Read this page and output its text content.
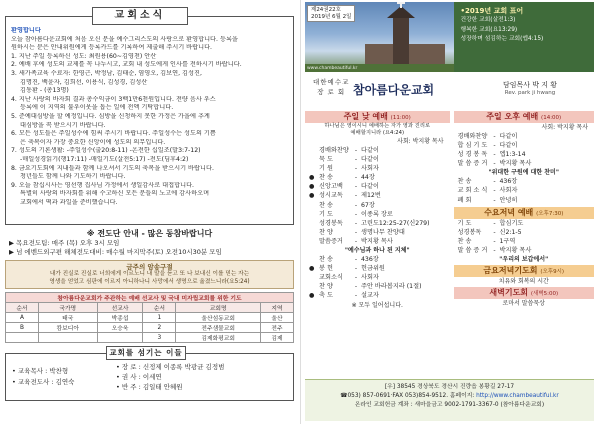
교회소식
환영합니다
오늘 참아름다운교회에 처음 오신 분을 예수그리스도의 사랑으로 환영합니다. 등록을
원하시는 분은 안내위원에게 등록카드를 기록하여 제출해 주시기 바랍니다.
1. 지난 주일 등록하신 성도: 최원용(60~김영천) 안산
2. 예배 후에 성도의 교제를 꼭 나누시고, 교회 내 성도에게 인사를 전하시기 바랍니다.
3. 새가족교육 수료자: 한영근, 박정남, 김태순, 염영오, 김보연, 김성진,
김명진, 백윤자, 김희선, 이용식, 김성경, 김성산
김동환 - (총13명)
4. 지난 사랑의 바자회 결과 총수익금이 3백1만6천원입니다. 전량 음사 우스
등록에 이 지역의 불우이웃을 돕는 일에 전액 기탁합니다.
5. 준예대심방을 할 예정입니다. 심방을 신청하지 못한 가정은 가을에 추계
대심방을 꼭 받으시기 바랍니다.
6. 모든 성도들은 주일성수에 힘써 주시기 바랍니다. 주일성수는 성도의 기쁨
은 축복이자 가장 중요한 신앙이에 성도의 의무입니다.
7. 성도의 기론생활: -주일성수(출20:8-11) -온전한 십일조(말3:7-12)
-매일성경읽기(행17:11) -매일기도(살전5:17) -전도(딤후4:2)
8. 금요기도회에 지내들과 함께 나오셔서 기도의 축복을 받으시기 바랍니다.
청년들도 함께 나와 기도하기 바랍니다.
9. 오늘 참십시사는 영선행 집사님 가정에서 생일감사로 대접합니다.
특별히 사랑의 바자회를 위해 수고하신 모든 분들의 노고에 감사하오며
교회에서 떡과 과일을 준비했습니다.
※ 전도단 안내 - 많은 동참바랍니다
▶ 목요전도팀: 매주 (목) 오후 3시 모임
▶ 넘 에벤드외구편 해체전도대비: 매수월 마지막주(토) 오전10시30분 모임
금주의 암송구절
내가 진실로 진실로 너희에게 이르노니 내 말을 듣고 또 나 보내신 이를 믿는 자는
영생을 얻었고 심판에 이르지 아니하나니 사망에서 생명으로 옮겼느니라(요5:24)
참아름다운교회가 주관하는 예배 선교사 및 국내 미자립교회를 위한 기도					
순서	국가명	선교사	순서	교회명	지역
A	태국	박종섭	1	울산섬동교회	울산
B	캄보디아	오승욱	2	전주샘물교회	전주
			3	김제화평교회	김제
교회를 섬기는 이들
• 교육목사 : 박찬형
• 교육전도사 : 김연숙
• 장 로 : 신정제 이종록 박광균 김정범
• 권 사 : 이세연
• 반 주 : 김일태 안혜원
제24권22호
2019년 6월 2일
www.chambeautiful.kr
•2019년 교회 표어
건강한 교회(살전1:3)
행복한 교회(요13:29)
성장하며 섬김하는 교회(엡4:15)
대한예수교
장 로 회 참아름다운교회	담임목사 박 지 황
Rev. park ji hwang
주일 낮 예배 (11:00)
하나님은 영이시니 예배하는 자가 영과 진리로
예배할지니라 (요4:24)
사회: 박지황 목사
경배와찬양 - 다같이
묵 도	- 다같이
기 원	- 사회자
● 찬 송	- 44장
● 신앙고백	- 다같이
● 성시교독	- 제12번
찬 송	- 67장
기 도	- 이종록 장로
성경봉독	- 고린도12:25-27(신279)
찬 양	- 생명나무 찬양대
말씀증거	- 박지황 목사
"예수님과 하나 된 지체"
찬 송	- 436장
● 봉 헌	- 헌금위원
교회소식	- 사회자
찬 양	- 주안 바라봅지라 (1절)
● 축 도	- 설교자
※ 모두 일어섭니다.
주일 오후 예배 (14:00)
사회: 박지황 목사
경배와찬양 - 다같이
합 심 기 도 - 다같이
성 경 봉 독 - 엡1:3-14
말 씀 증 거 - 박지황 목사
"위대한 구원에 대한 찬미"
찬 송	- 436장
교 회 소 식 - 사회자
폐 회	- 안녕히
수요저녁 예배 (오후7:30)
기 도	- 합심기도
성경봉독	- 신2:1-5
찬 송	- 1구역
말 씀 증 거 - 박지황 목사
"우리의 보갑에서"
금요저녁기도회 (오후9시)
치유와 회복의 시간
새벽기도회 (새벽5:00)
로마서 말씀묵상
[우] 38545 경상북도 경산시 진량읍 봉황길 27-17
☎053) 857-0691·FAX 053)854-9512. 홈페이지: http://www.chambeautiful.kr
온라인 교회헌금 계좌 : 새마을금고 9002-1791-3367-0 (참아름다운교회)
